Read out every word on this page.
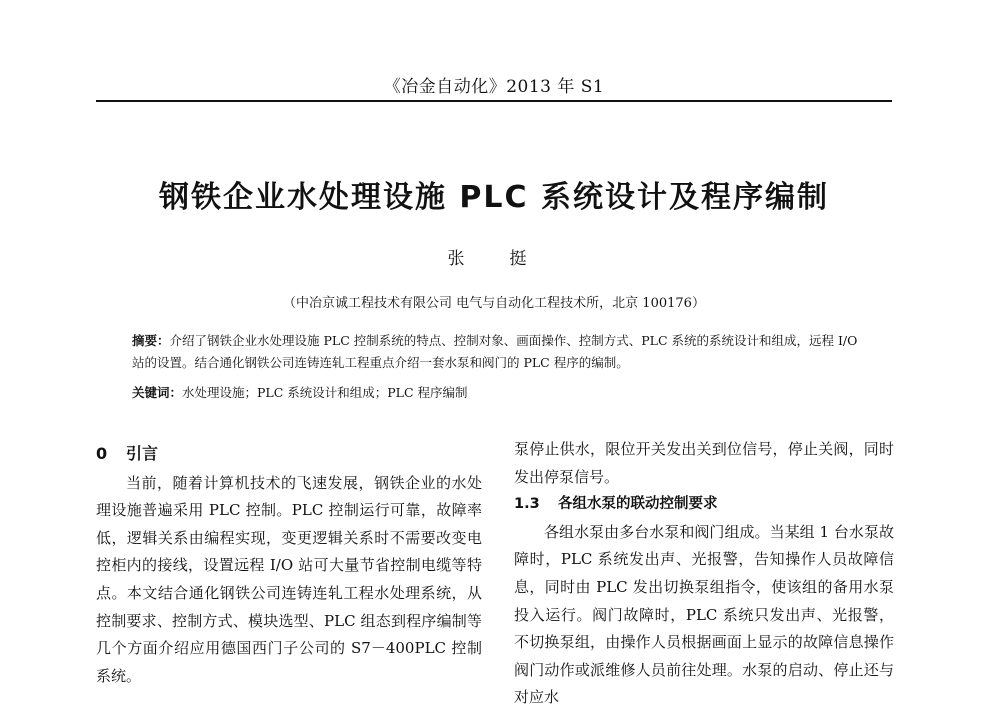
《冶金自动化》2013 年 S1
钢铁企业水处理设施 PLC 系统设计及程序编制
张　挺
（中冶京诚工程技术有限公司 电气与自动化工程技术所，北京 100176）
摘要：介绍了钢铁企业水处理设施 PLC 控制系统的特点、控制对象、画面操作、控制方式、PLC 系统的系统设计和组成，远程 I/O 站的设置。结合通化钢铁公司连铸连轧工程重点介绍一套水泵和阀门的 PLC 程序的编制。
关键词：水处理设施；PLC 系统设计和组成；PLC 程序编制
0 引言

当前，随着计算机技术的飞速发展，钢铁企业的水处理设施普遍采用 PLC 控制。PLC 控制运行可靠，故障率低，逻辑关系由编程实现，变更逻辑关系时不需要改变电控柜内的接线，设置远程 I/O 站可大量节省控制电缆等特点。本文结合通化钢铁公司连铸连轧工程水处理系统，从控制要求、控制方式、模块选型、PLC 组态到程序编制等几个方面介绍应用德国西门子公司的 S7－400PLC 控制系统。

泵停止供水，限位开关发出关到位信号，停止关阀，同时发出停泵信号。

1.3 各组水泵的联动控制要求

各组水泵由多台水泵和阀门组成。当某组 1 台水泵故障时，PLC 系统发出声、光报警，告知操作人员故障信息，同时由 PLC 发出切换泵组指令，使该组的备用水泵投入运行。阀门故障时，PLC 系统只发出声、光报警，不切换泵组，由操作人员根据画面上显示的故障信息操作阀门动作或派维修人员前往处理。水泵的启动、停止还与对应水
